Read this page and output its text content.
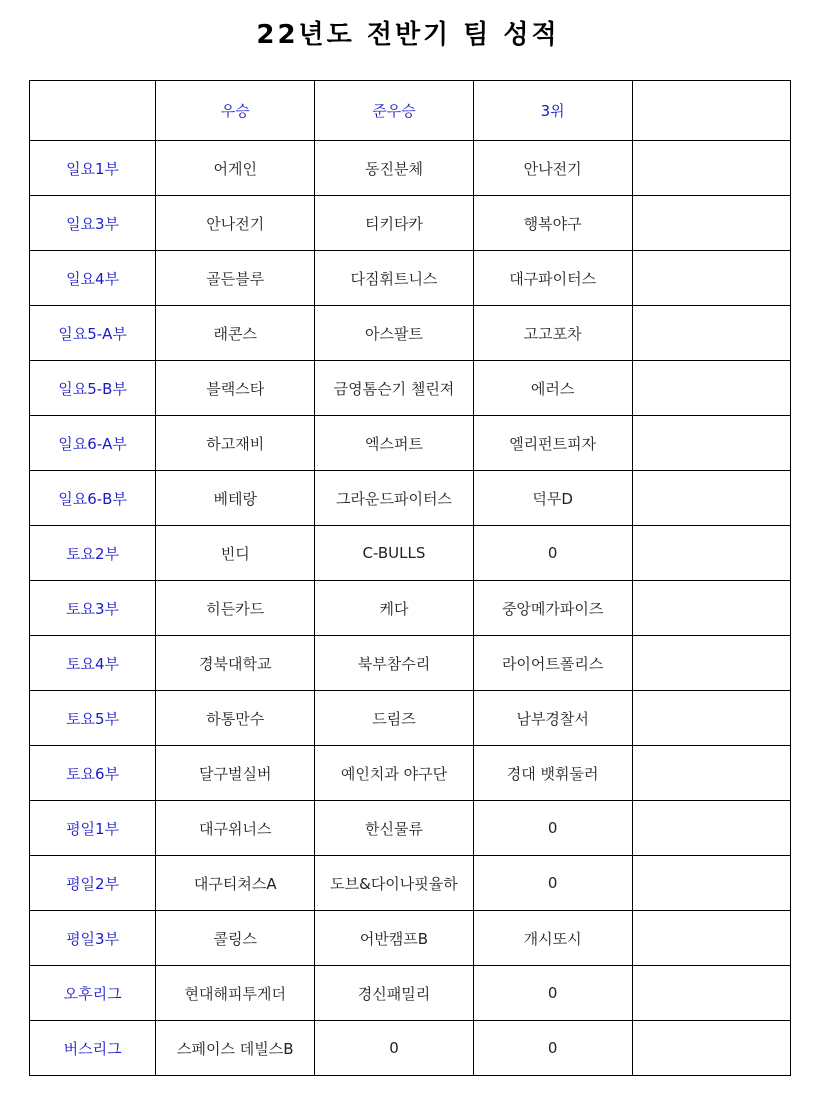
22년도 전반기 팀 성적
	우승	준우승	3위	
일요1부	어게인	동진분체	안나전기	
일요3부	안나전기	티키타카	행복야구	
일요4부	골든블루	다짐휘트니스	대구파이터스	
일요5-A부	래콘스	아스팔트	고고포차	
일요5-B부	블랙스타	금영톰슨기 첼린져	에러스	
일요6-A부	하고재비	엑스퍼트	엘리펀트피자	
일요6-B부	베테랑	그라운드파이터스	덕무D	
토요2부	빈디	C-BULLS	0	
토요3부	히든카드	케다	중앙메가파이즈	
토요4부	경북대학교	북부참수리	라이어트폴리스	
토요5부	하통만수	드림즈	남부경찰서	
토요6부	달구벌실버	예인치과 야구단	경대 뱃휘둘러	
평일1부	대구위너스	한신물류	0	
평일2부	대구티쳐스A	도브&다이나핏율하	0	
평일3부	콜링스	어반캠프B	개시또시	
오후리그	현대해피투게더	경신패밀리	0	
버스리그	스페이스 데빌스B	0	0	
